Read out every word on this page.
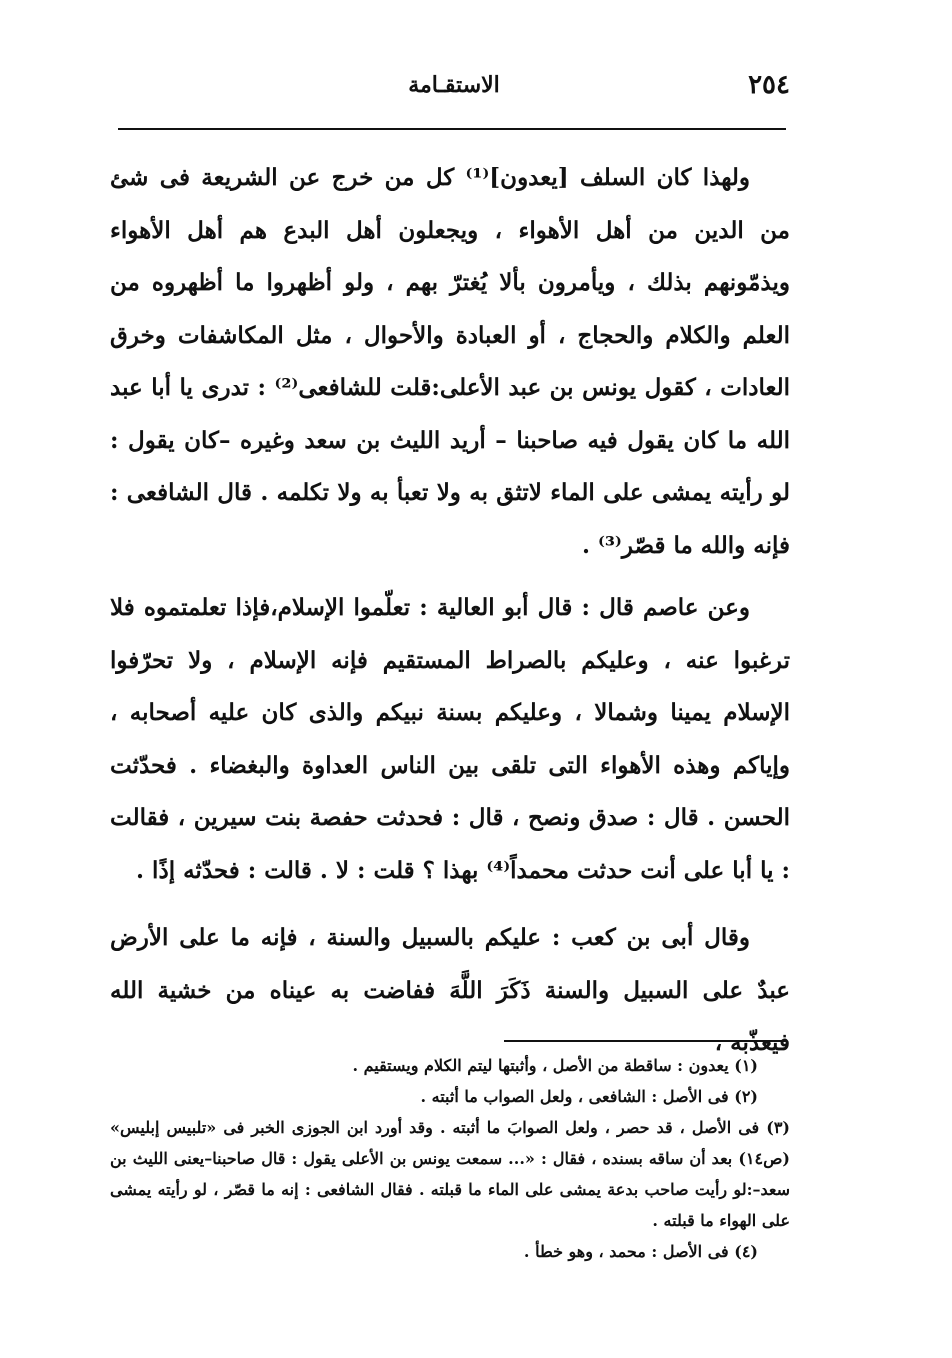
٢٥٤
الاستقـامة

ولهذا كان السلف [يعدون]⁽¹⁾ كل من خرج عن الشريعة فى شئ من الدين من أهل الأهواء ، ويجعلون أهل البدع هم أهل الأهواء ويذمّونهم بذلك ، ويأمرون بألا يُغترّ بهم ، ولو أظهروا ما أظهروه من العلم والكلام والحجاج ، أو العبادة والأحوال ، مثل المكاشفات وخرق العادات ، كقول يونس بن عبد الأعلى:قلت للشافعى⁽²⁾ : تدرى يا أبا عبد الله ما كان يقول فيه صاحبنا – أريد الليث بن سعد وغيره –كان يقول : لو رأيته يمشى على الماء لاتثق به ولا تعبأ به ولا تكلمه . قال الشافعى : فإنه والله ما قصّر⁽³⁾ .

وعن عاصم قال : قال أبو العالية : تعلّموا الإسلام،فإذا تعلمتموه فلا ترغبوا عنه ، وعليكم بالصراط المستقيم فإنه الإسلام ، ولا تحرّفوا الإسلام يمينا وشمالا ، وعليكم بسنة نبيكم والذى كان عليه أصحابه ، وإياكم وهذه الأهواء التى تلقى بين الناس العداوة والبغضاء . فحدّثت الحسن . قال : صدق ونصح ، قال : فحدثت حفصة بنت سيرين ، فقالت : يا أبا على أنت حدثت محمداً⁽⁴⁾ بهذا ؟ قلت : لا . قالت : فحدّثه إذًا .

وقال أبى بن كعب : عليكم بالسبيل والسنة ، فإنه ما على الأرض عبدٌ على السبيل والسنة ذَكَرَ اللَّهَ ففاضت به عيناه من خشية الله فيعذّبه ،

(١) يعدون : ساقطة من الأصل ، وأثبتها ليتم الكلام ويستقيم .

(٢) فى الأصل : الشافعى ، ولعل الصواب ما أثبته .

(٣) فى الأصل ، قد حصر ، ولعل الصوابَ ما أثبته . وقد أورد ابن الجوزى الخبر فى «تلبيس إبليس» (ص١٤) بعد أن ساقه بسنده ، فقال : «... سمعت يونس بن الأعلى يقول : قال صاحبنا–يعنى الليث بن سعد–:لو رأيت صاحب بدعة يمشى على الماء ما قبلته . فقال الشافعى : إنه ما قصّر ، لو رأيته يمشى على الهواء ما قبلته .

(٤) فى الأصل : محمد ، وهو خطأ .
